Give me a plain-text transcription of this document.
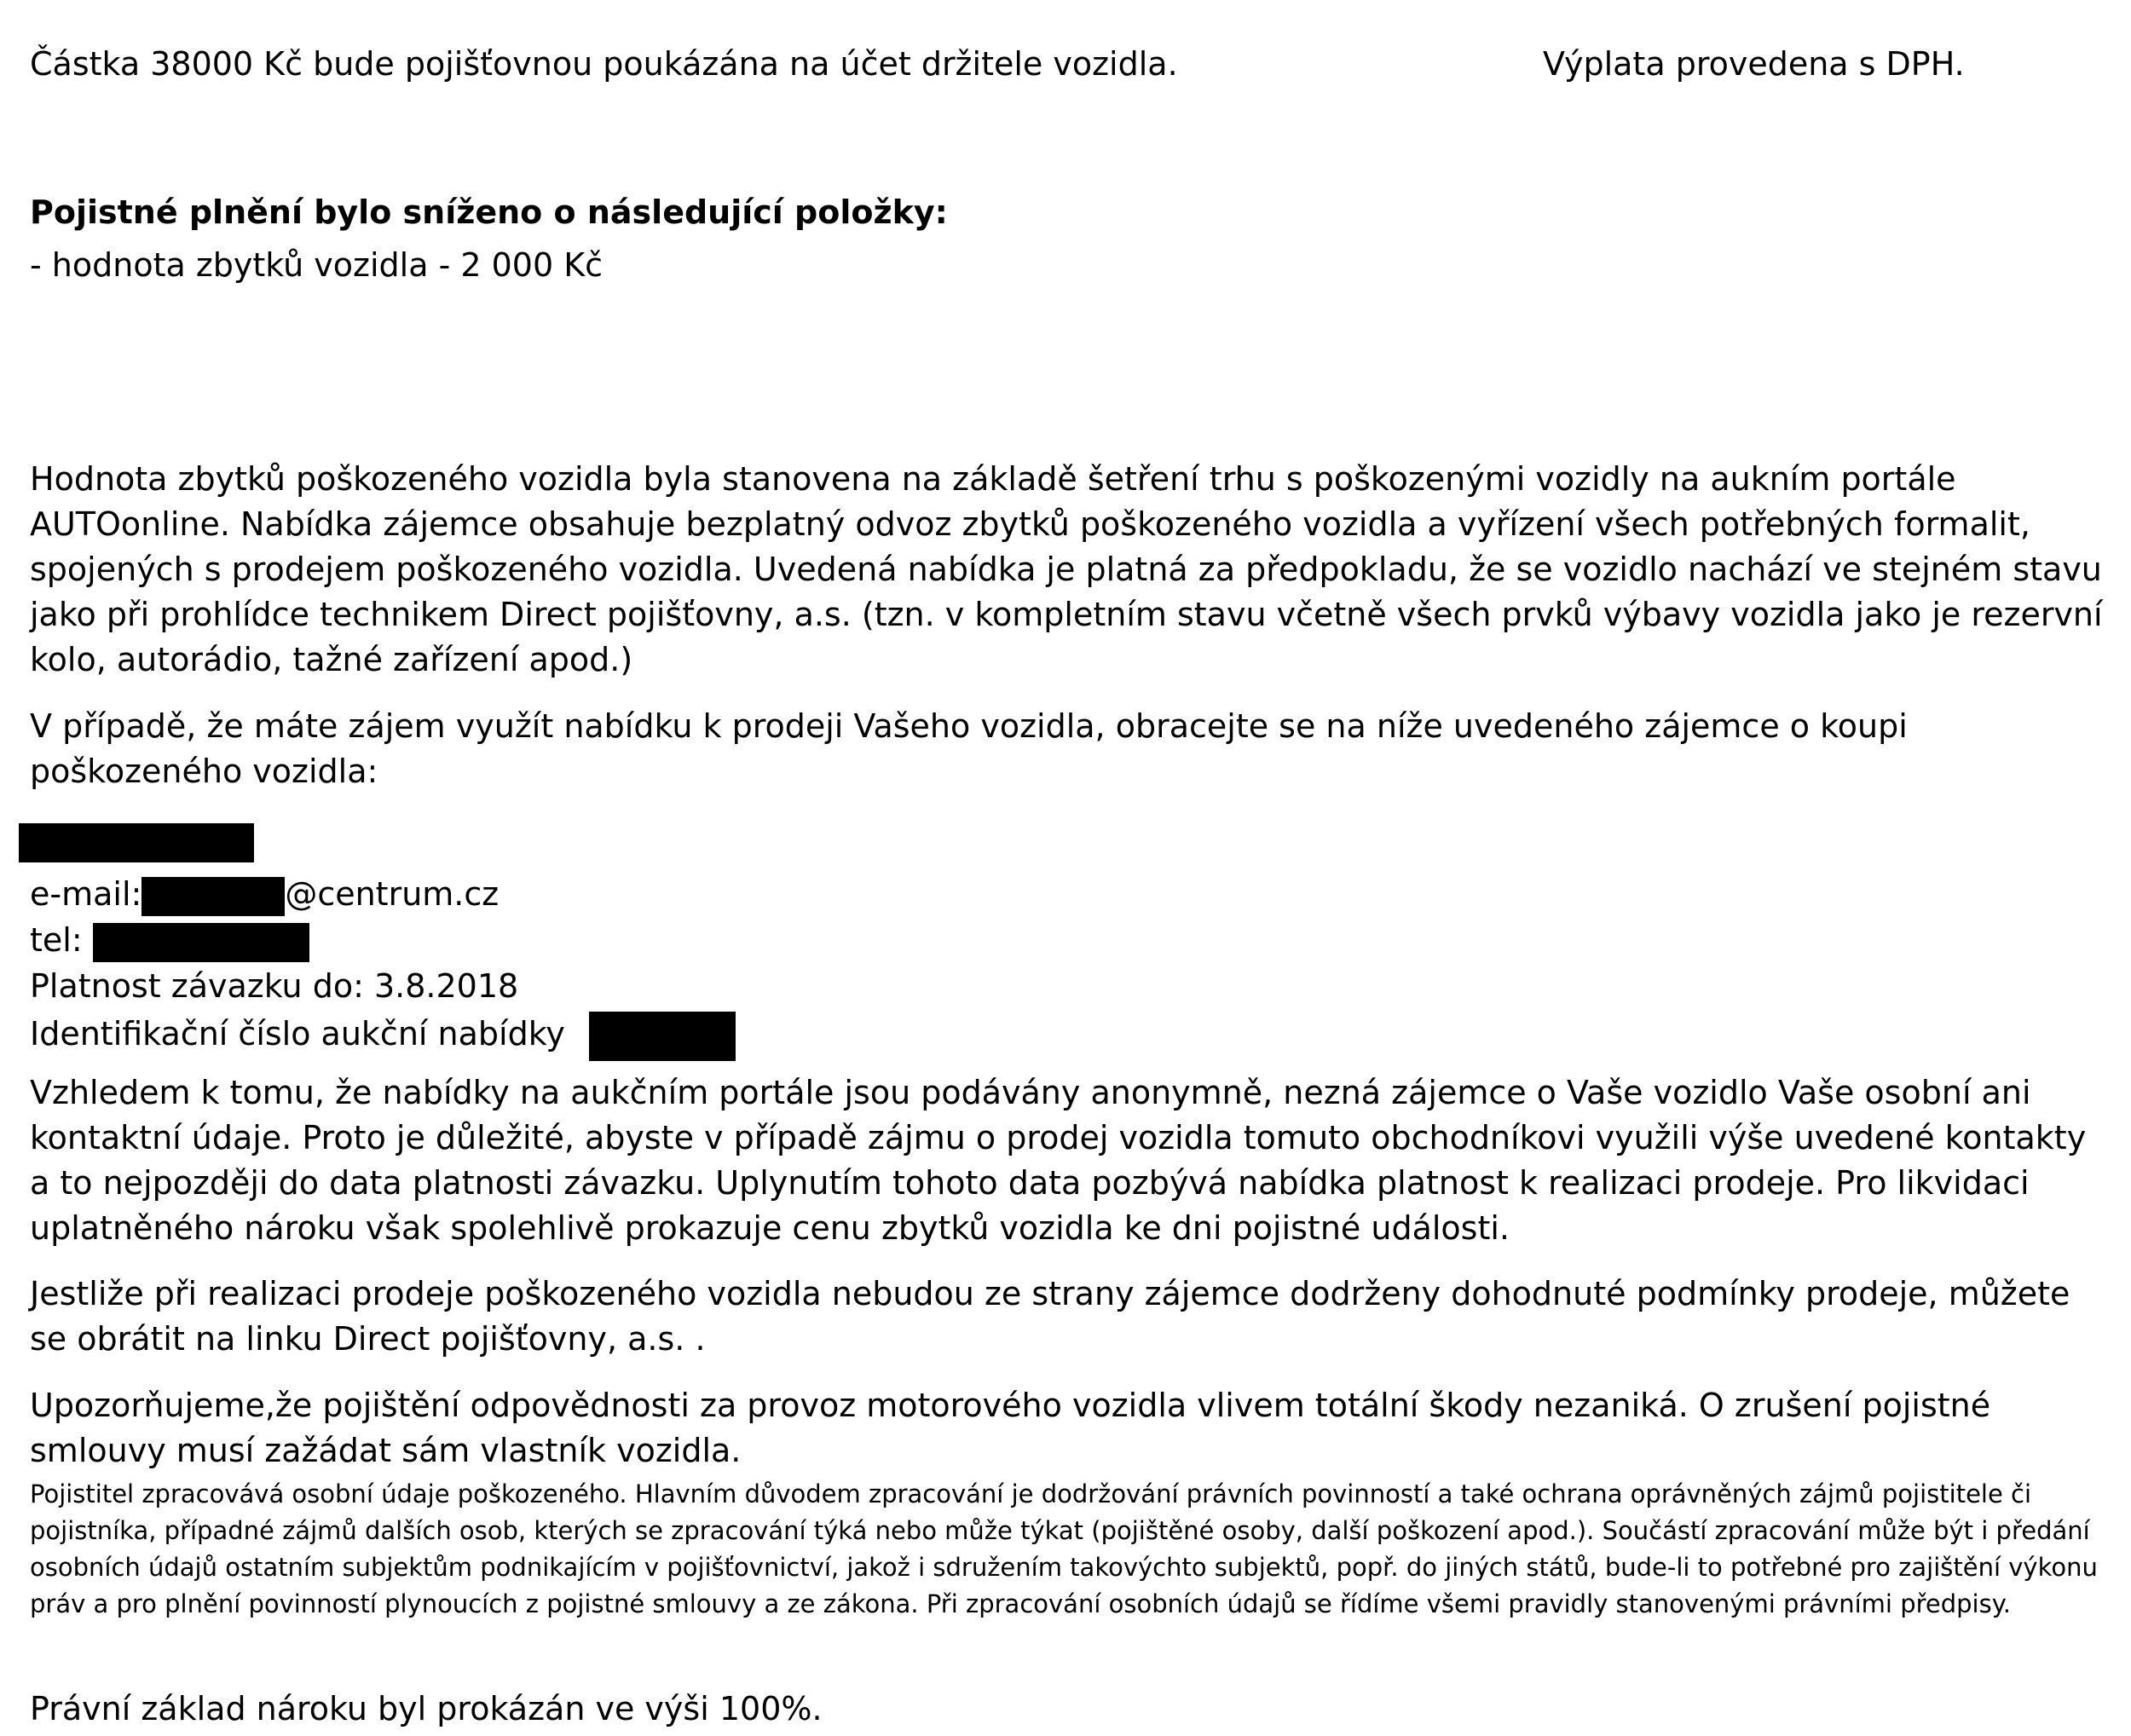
Částka 38000 Kč bude pojišťovnou poukázána na účet držitele vozidla.	Výplata provedena s DPH.
Pojistné plnění bylo sníženo o následující položky:
- hodnota zbytků vozidla - 2 000 Kč

Hodnota zbytků poškozeného vozidla byla stanovena na základě šetření trhu s poškozenými vozidly na aukním portále AUTOonline. Nabídka zájemce obsahuje bezplatný odvoz zbytků poškozeného vozidla a vyřízení všech potřebných formalit, spojených s prodejem poškozeného vozidla. Uvedená nabídka je platná za předpokladu, že se vozidlo nachází ve stejném stavu jako při prohlídce technikem Direct pojišťovny, a.s. (tzn. v kompletním stavu včetně všech prvků výbavy vozidla jako je rezervní kolo, autorádio, tažné zařízení apod.)

V případě, že máte zájem využít nabídku k prodeji Vašeho vozidla, obracejte se na níže uvedeného zájemce o koupi poškozeného vozidla:

e-mail:	@centrum.cz
tel:
Platnost závazku do: 3.8.2018
Identifikační číslo aukční nabídky

Vzhledem k tomu, že nabídky na aukčním portále jsou podávány anonymně, nezná zájemce o Vaše vozidlo Vaše osobní ani kontaktní údaje. Proto je důležité, abyste v případě zájmu o prodej vozidla tomuto obchodníkovi využili výše uvedené kontakty a to nejpozději do data platnosti závazku. Uplynutím tohoto data pozbývá nabídka platnost k realizaci prodeje. Pro likvidaci uplatněného nároku však spolehlivě prokazuje cenu zbytků vozidla ke dni pojistné události.

Jestliže při realizaci prodeje poškozeného vozidla nebudou ze strany zájemce dodrženy dohodnuté podmínky prodeje, můžete se obrátit na linku Direct pojišťovny, a.s. .

Upozorňujeme,že pojištění odpovědnosti za provoz motorového vozidla vlivem totální škody nezaniká. O zrušení pojistné smlouvy musí zažádat sám vlastník vozidla.

Pojistitel zpracovává osobní údaje poškozeného. Hlavním důvodem zpracování je dodržování právních povinností a také ochrana oprávněných zájmů pojistitele či pojistníka, případné zájmů dalších osob, kterých se zpracování týká nebo může týkat (pojištěné osoby, další poškození apod.). Součástí zpracování může být i předání osobních údajů ostatním subjektům podnikajícím v pojišťovnictví, jakož i sdružením takovýchto subjektů, popř. do jiných států, bude-li to potřebné pro zajištění výkonu práv a pro plnění povinností plynoucích z pojistné smlouvy a ze zákona. Při zpracování osobních údajů se řídíme všemi pravidly stanovenými právními předpisy.

Právní základ nároku byl prokázán ve výši 100%.
